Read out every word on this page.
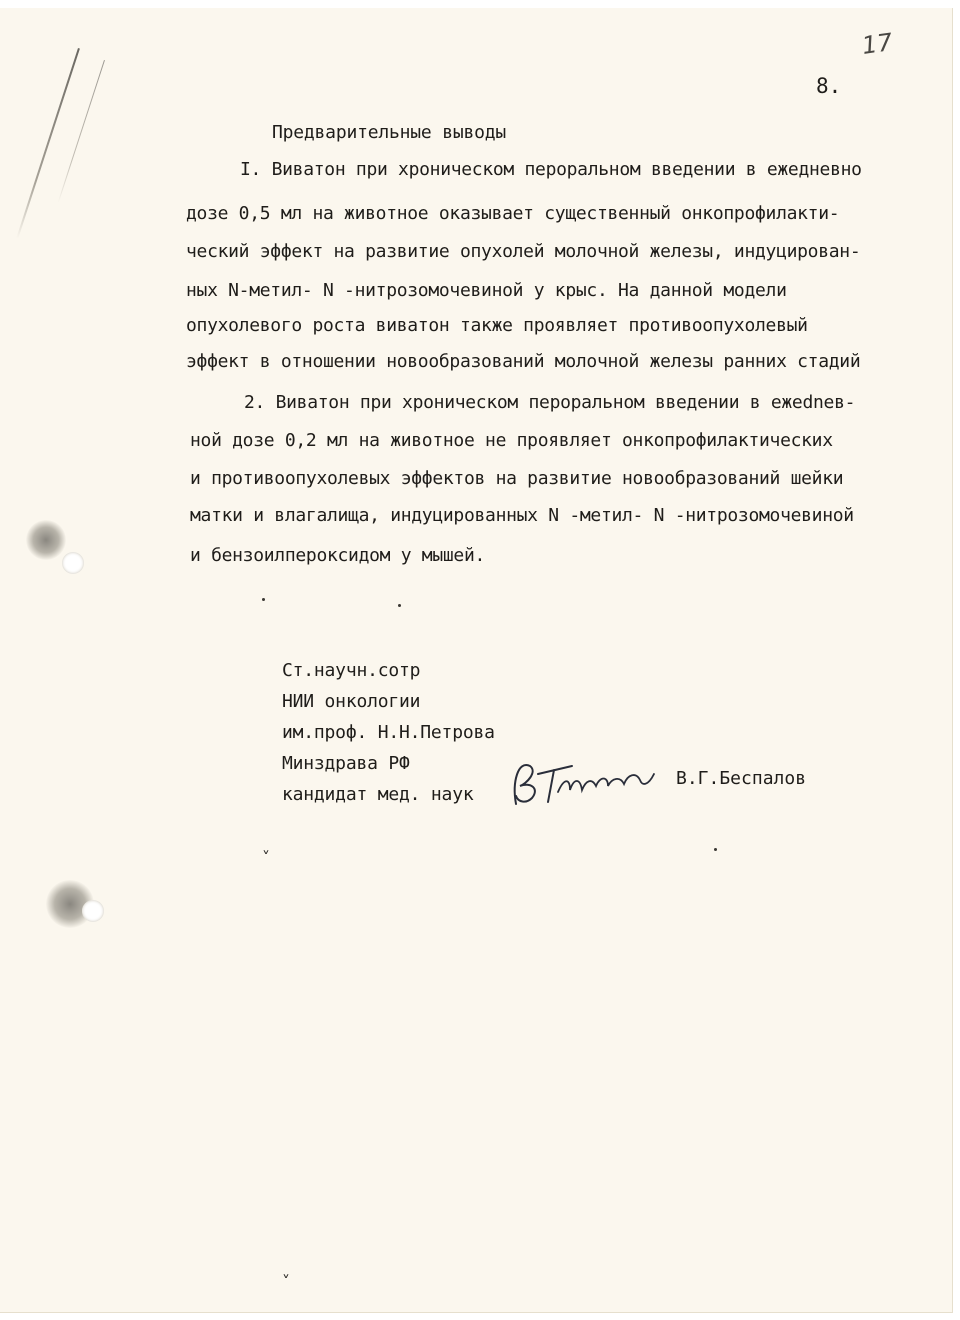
17
8.
Предварительные выводы
I. Виватон при хроническом пероральном введении в ежедневно
дозе 0,5 мл на животное оказывает существенный онкопрофилакти-
ческий эффект на развитие опухолей молочной железы, индуцирован-
ных N-метил- N -нитрозомочевиной у крыс. На данной модели
опухолевого роста виватон также проявляет противоопухолевый
эффект в отношении новообразований молочной железы ранних стадий
2. Виватон при хроническом пероральном введении в ежednев-
ной дозе 0,2 мл на животное не проявляет онкопрофилактических
и противоопухолевых эффектов на развитие новообразований шейки
матки и влагалища, индуцированных N -метил- N -нитрозомочевиной
и бензоилпероксидом у мышей.
Ст.научн.сотр
НИИ онкологии
им.проф. Н.Н.Петрова
Минздрава РФ
кандидат мед. наук
В.Г.Беспалов
˅
˅
